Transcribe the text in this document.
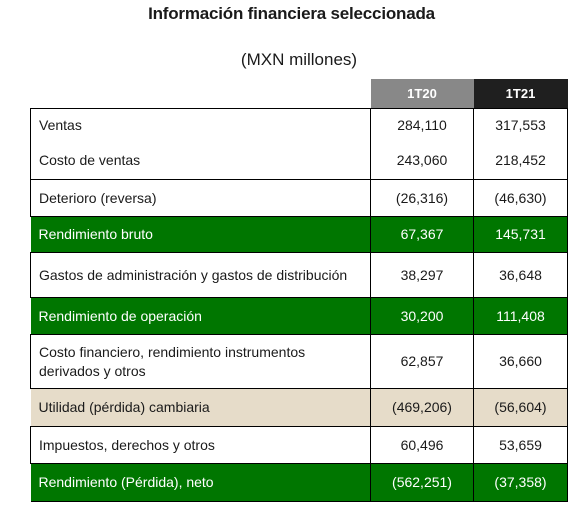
Información financiera seleccionada
(MXN millones)
	1T20	1T21
Ventas	284,110	317,553
Costo de ventas	243,060	218,452
Deterioro (reversa)	(26,316)	(46,630)
Rendimiento bruto	67,367	145,731
Gastos de administración y gastos de distribución	38,297	36,648
Rendimiento de operación	30,200	111,408
Costo financiero, rendimiento instrumentos derivados y otros	62,857	36,660
Utilidad (pérdida) cambiaria	(469,206)	(56,604)
Impuestos, derechos y otros	60,496	53,659
Rendimiento (Pérdida), neto	(562,251)	(37,358)
